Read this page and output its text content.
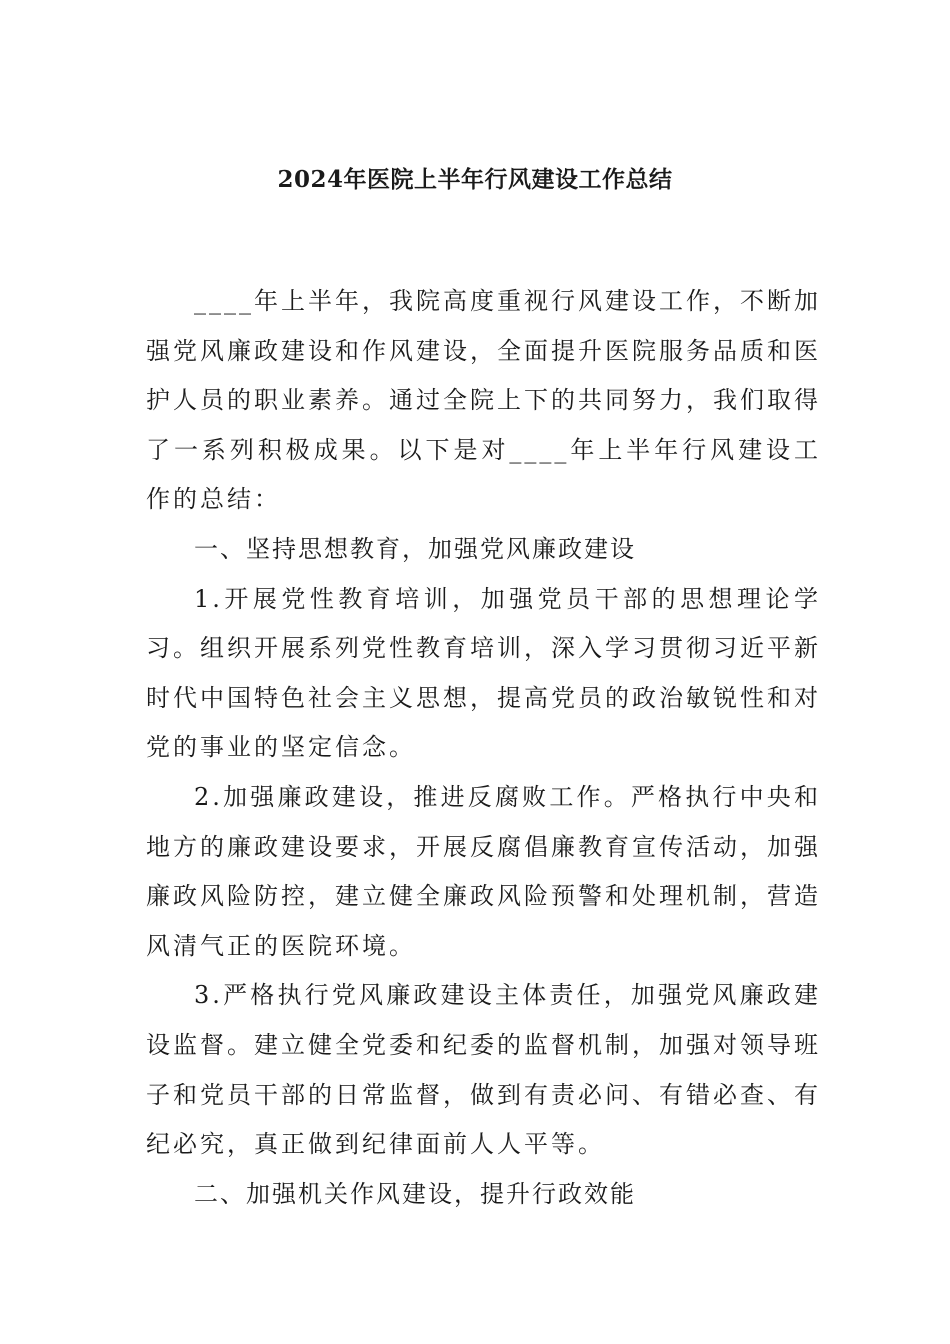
2024年医院上半年行风建设工作总结

____年上半年，我院高度重视行风建设工作，不断加强党风廉政建设和作风建设，全面提升医院服务品质和医护人员的职业素养。通过全院上下的共同努力，我们取得了一系列积极成果。以下是对____年上半年行风建设工作的总结：

一、坚持思想教育，加强党风廉政建设

1.开展党性教育培训，加强党员干部的思想理论学习。组织开展系列党性教育培训，深入学习贯彻习近平新时代中国特色社会主义思想，提高党员的政治敏锐性和对党的事业的坚定信念。

2.加强廉政建设，推进反腐败工作。严格执行中央和地方的廉政建设要求，开展反腐倡廉教育宣传活动，加强廉政风险防控，建立健全廉政风险预警和处理机制，营造风清气正的医院环境。

3.严格执行党风廉政建设主体责任，加强党风廉政建设监督。建立健全党委和纪委的监督机制，加强对领导班子和党员干部的日常监督，做到有责必问、有错必查、有纪必究，真正做到纪律面前人人平等。

二、加强机关作风建设，提升行政效能
